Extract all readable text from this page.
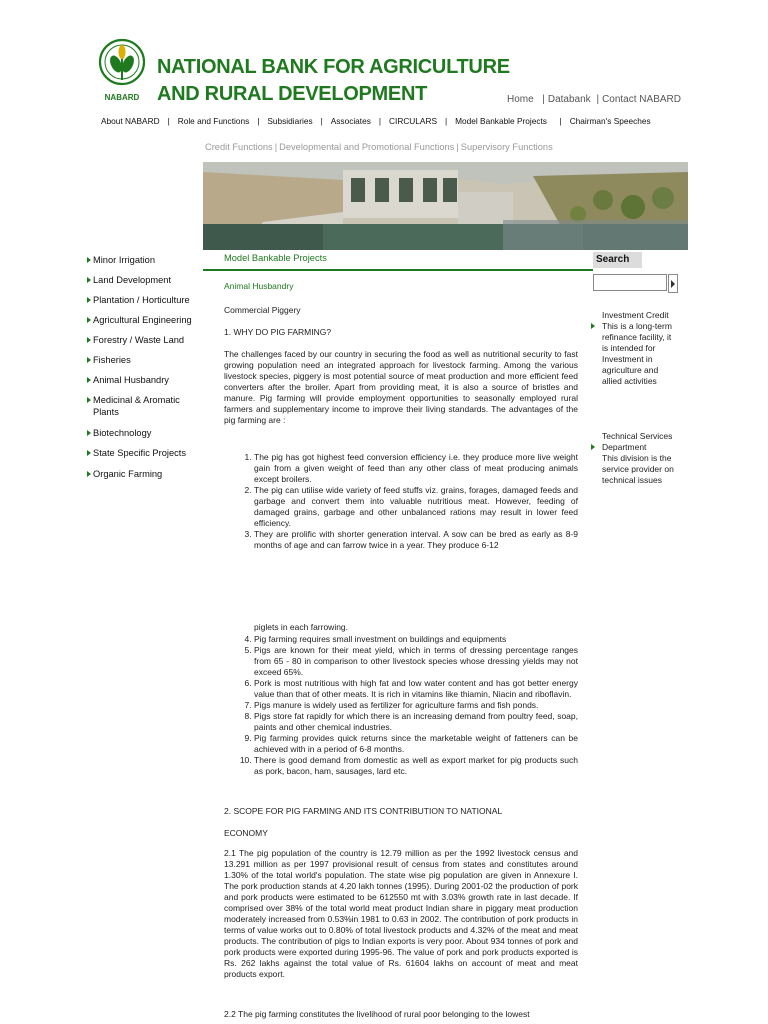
NABARD
NATIONAL BANK FOR AGRICULTURE
AND RURAL DEVELOPMENT	Home  | Databank | Contact NABARD
About NABARD | Role and Functions | Subsidiaries | Associates | CIRCULARS | Model Bankable Projects | Chairman's Speeches
Credit Functions | Developmental and Promotional Functions | Supervisory Functions
Minor Irrigation
Land Development
Plantation / Horticulture
Agricultural Engineering
Forestry / Waste Land
Fisheries
Animal Husbandry
Medicinal & Aromatic Plants
Biotechnology
State Specific Projects
Organic Farming
Model Bankable Projects
Animal Husbandry
Commercial Piggery
1. WHY DO PIG FARMING?

The challenges faced by our country in securing the food as well as nutritional security to fast growing population need an integrated approach for livestock farming. Among the various livestock species, piggery is most potential source of meat production and more efficient feed converters after the broiler. Apart from providing meat, it is also a source of bristles and manure. Pig farming will provide employment opportunities to seasonally employed rural farmers and supplementary income to improve their living standards. The advantages of the pig farming are :

1. The pig has got highest feed conversion efficiency i.e. they produce more live weight gain from a given weight of feed than any other class of meat producing animals except broilers.
2. The pig can utilise wide variety of feed stuffs viz. grains, forages, damaged feeds and garbage and convert them into valuable nutritious meat. However, feeding of damaged grains, garbage and other unbalanced rations may result in lower feed efficiency.
3. They are prolific with shorter generation interval. A sow can be bred as early as 8-9 months of age and can farrow twice in a year. They produce 6-12
piglets in each farrowing.
4. Pig farming requires small investment on buildings and equipments
5. Pigs are known for their meat yield, which in terms of dressing percentage ranges from 65 - 80 in comparison to other livestock species whose dressing yields may not exceed 65%.
6. Pork is most nutritious with high fat and low water content and has got better energy value than that of other meats. It is rich in vitamins like thiamin, Niacin and riboflavin.
7. Pigs manure is widely used as fertilizer for agriculture farms and fish ponds.
8. Pigs store fat rapidly for which there is an increasing demand from poultry feed, soap, paints and other chemical industries.
9. Pig farming provides quick returns since the marketable weight of fatteners can be achieved with in a period of 6-8 months.
10. There is good demand from domestic as well as export market for pig products such as pork, bacon, ham, sausages, lard etc.
2. SCOPE FOR PIG FARMING AND ITS CONTRIBUTION TO NATIONAL
ECONOMY

2.1 The pig population of the country is 12.79 million as per the 1992 livestock census and 13.291 million as per 1997 provisional result of census from states and constitutes around 1.30% of the total world's population. The state wise pig population are given in Annexure I. The pork production stands at 4.20 lakh tonnes (1995). During 2001-02 the production of pork and pork products were estimated to be 612550 mt with 3.03% growth rate in last decade. If comprised over 38% of the total world meat product Indian share in piggary meat production moderately increased from 0.53%in 1981 to 0.63 in 2002. The contribution of pork products in terms of value works out to 0.80% of total livestock products and 4.32% of the meat and meat products. The contribution of pigs to Indian exports is very poor. About 934 tonnes of pork and pork products were exported during 1995-96. The value of pork and pork products exported is Rs. 262 lakhs against the total value of Rs. 61604 lakhs on account of meat and meat products export.

2.2 The pig farming constitutes the livelihood of rural poor belonging to the lowest

Search
Investment Credit
This is a long-term refinance facility, it is intended for Investment in agriculture and allied activities
Technical Services Department
This division is the service provider on technical issues
